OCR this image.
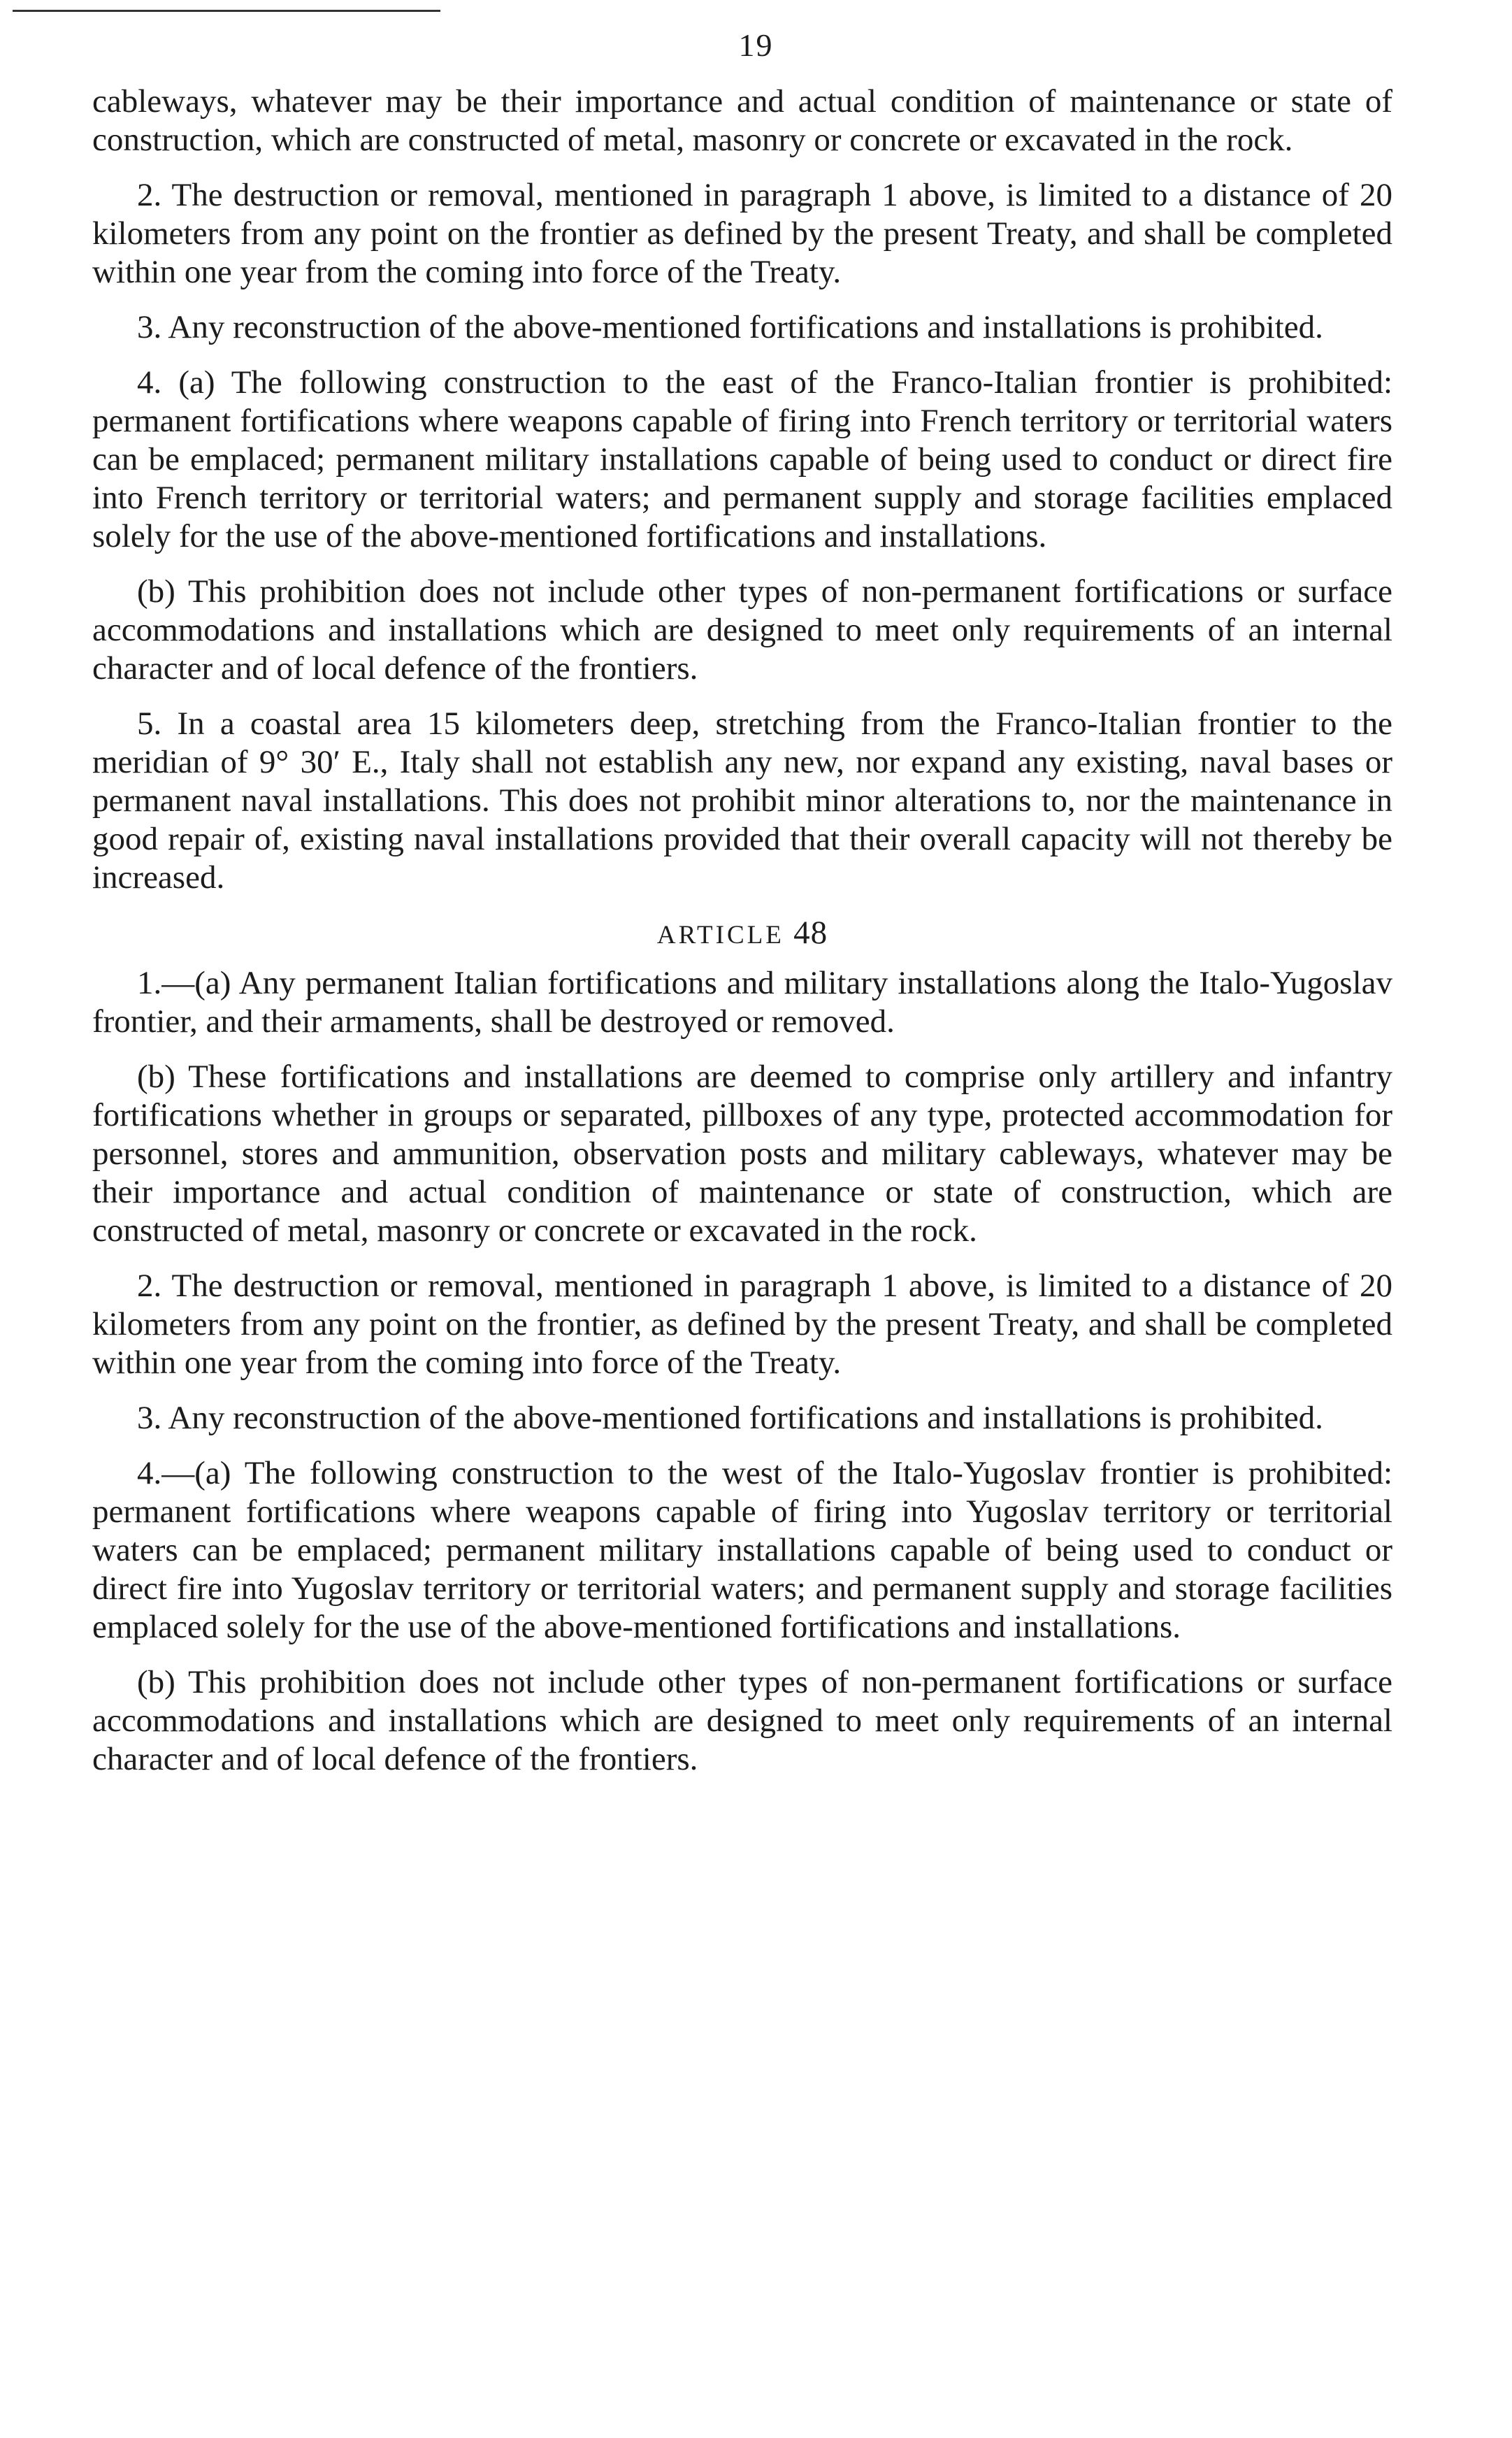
19

cableways, whatever may be their importance and actual condition of maintenance or state of construction, which are constructed of metal, masonry or concrete or excavated in the rock.

2. The destruction or removal, mentioned in paragraph 1 above, is limited to a distance of 20 kilometers from any point on the frontier as defined by the present Treaty, and shall be completed within one year from the coming into force of the Treaty.

3. Any reconstruction of the above-mentioned fortifications and installations is prohibited.

4. (a) The following construction to the east of the Franco-Italian frontier is prohibited: permanent fortifications where weapons capable of firing into French territory or territorial waters can be emplaced; permanent military installations capable of being used to conduct or direct fire into French territory or territorial waters; and permanent supply and storage facilities emplaced solely for the use of the above-mentioned fortifications and installations.

(b) This prohibition does not include other types of non-permanent fortifications or surface accommodations and installations which are designed to meet only requirements of an internal character and of local defence of the frontiers.

5. In a coastal area 15 kilometers deep, stretching from the Franco-Italian frontier to the meridian of 9° 30′ E., Italy shall not establish any new, nor expand any existing, naval bases or permanent naval installations. This does not prohibit minor alterations to, nor the maintenance in good repair of, existing naval installations provided that their overall capacity will not thereby be increased.

ARTICLE 48

1.—(a) Any permanent Italian fortifications and military installations along the Italo-Yugoslav frontier, and their armaments, shall be destroyed or removed.

(b) These fortifications and installations are deemed to comprise only artillery and infantry fortifications whether in groups or separated, pillboxes of any type, protected accommodation for personnel, stores and ammunition, observation posts and military cableways, whatever may be their importance and actual condition of maintenance or state of construction, which are constructed of metal, masonry or concrete or excavated in the rock.

2. The destruction or removal, mentioned in paragraph 1 above, is limited to a distance of 20 kilometers from any point on the frontier, as defined by the present Treaty, and shall be completed within one year from the coming into force of the Treaty.

3. Any reconstruction of the above-mentioned fortifications and installations is prohibited.

4.—(a) The following construction to the west of the Italo-Yugoslav frontier is prohibited: permanent fortifications where weapons capable of firing into Yugoslav territory or territorial waters can be emplaced; permanent military installations capable of being used to conduct or direct fire into Yugoslav territory or territorial waters; and permanent supply and storage facilities emplaced solely for the use of the above-mentioned fortifications and installations.

(b) This prohibition does not include other types of non-permanent fortifications or surface accommodations and installations which are designed to meet only requirements of an internal character and of local defence of the frontiers.
